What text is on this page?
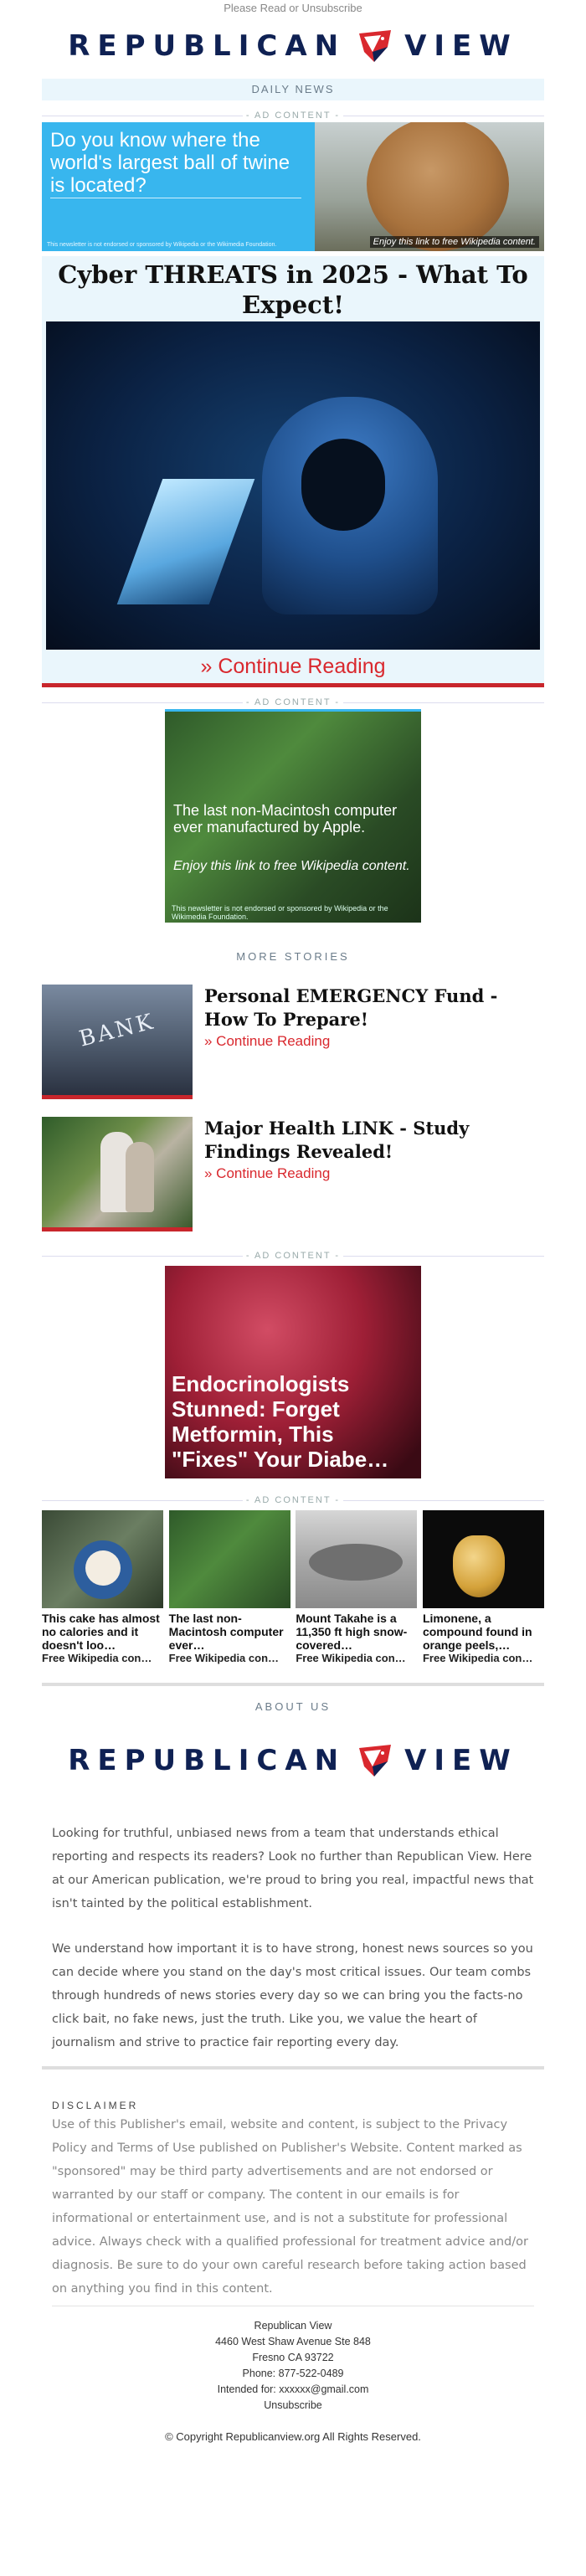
Please Read or Unsubscribe
REPUBLICAN VIEW
DAILY NEWS
- AD CONTENT -
Do you know where the world's largest ball of twine is located?
This newsletter is not endorsed or sponsored by Wikipedia or the Wikimedia Foundation.	Enjoy this link to free Wikipedia content.
Cyber THREATS in 2025 - What To Expect!
» Continue Reading
- AD CONTENT -
The last non-Macintosh computer ever manufactured by Apple.
Enjoy this link to free Wikipedia content.
This newsletter is not endorsed or sponsored by Wikipedia or the Wikimedia Foundation.
MORE STORIES
BANK
Personal EMERGENCY Fund - How To Prepare!
» Continue Reading
Major Health LINK - Study Findings Revealed!
» Continue Reading
- AD CONTENT -
Endocrinologists Stunned: Forget Metformin, This "Fixes" Your Diabe…
- AD CONTENT -
This cake has almost no calories and it doesn't loo…
Free Wikipedia con…
The last non-Macintosh computer ever…
Free Wikipedia con…
Mount Takahe is a 11,350 ft high snow-covered…
Free Wikipedia con…
Limonene, a compound found in orange peels,…
Free Wikipedia con…
ABOUT US
REPUBLICAN VIEW
Looking for truthful, unbiased news from a team that understands ethical reporting and respects its readers? Look no further than Republican View. Here at our American publication, we're proud to bring you real, impactful news that isn't tainted by the political establishment.
We understand how important it is to have strong, honest news sources so you can decide where you stand on the day's most critical issues. Our team combs through hundreds of news stories every day so we can bring you the facts-no click bait, no fake news, just the truth. Like you, we value the heart of journalism and strive to practice fair reporting every day.
DISCLAIMER
Use of this Publisher's email, website and content, is subject to the Privacy Policy and Terms of Use published on Publisher's Website. Content marked as "sponsored" may be third party advertisements and are not endorsed or warranted by our staff or company. The content in our emails is for informational or entertainment use, and is not a substitute for professional advice. Always check with a qualified professional for treatment advice and/or diagnosis. Be sure to do your own careful research before taking action based on anything you find in this content.
Republican View
4460 West Shaw Avenue Ste 848
Fresno CA 93722
Phone: 877-522-0489
Intended for: xxxxxx@gmail.com
Unsubscribe
© Copyright Republicanview.org All Rights Reserved.
